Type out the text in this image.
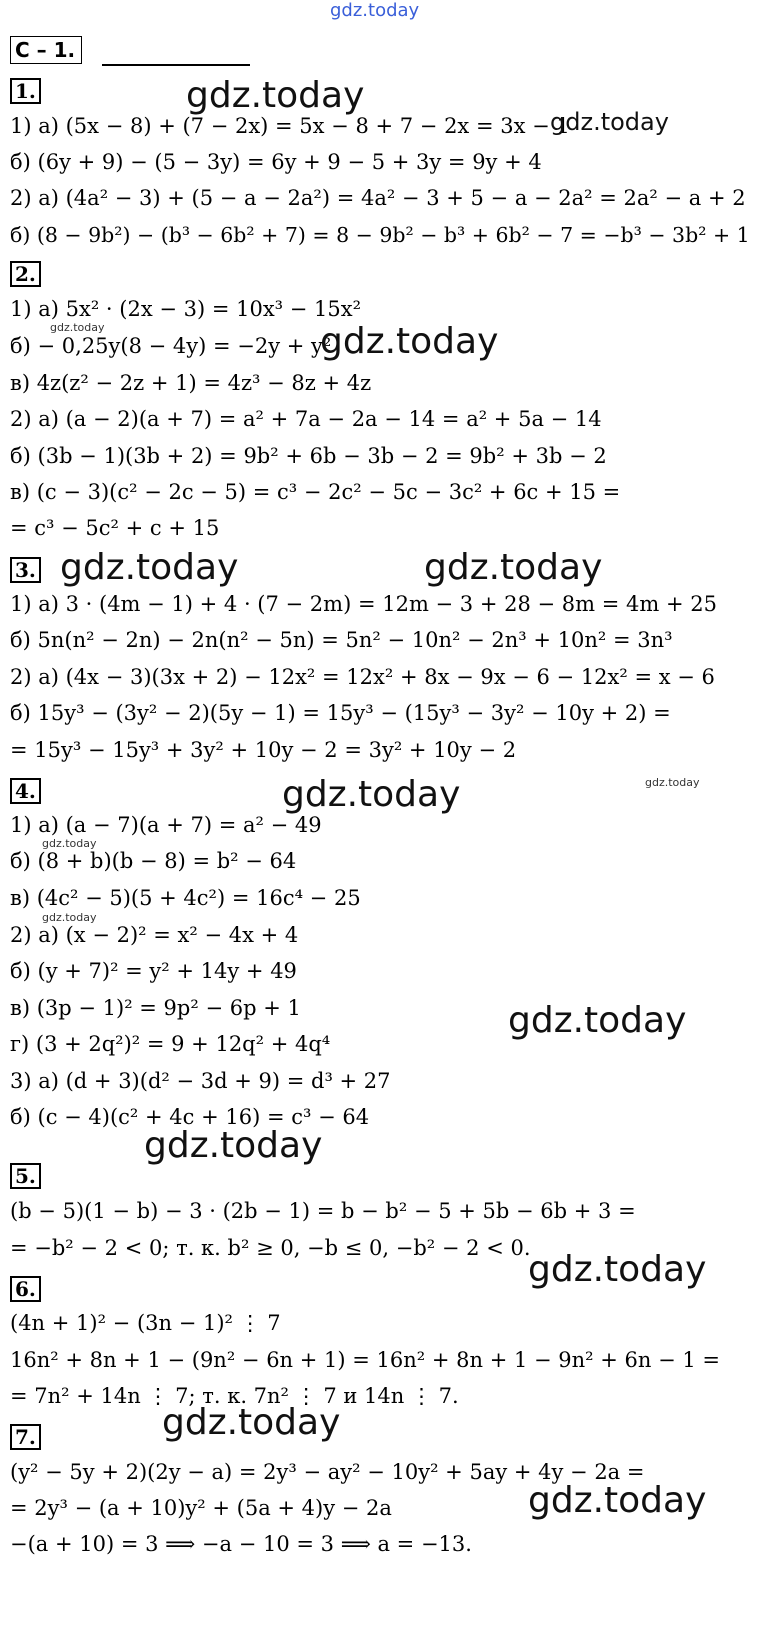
gdz.today
С – 1.
1.
1) а) (5x − 8) + (7 − 2x) = 5x − 8 + 7 − 2x = 3x − 1
б) (6y + 9) − (5 − 3y) = 6y + 9 − 5 + 3y = 9y + 4
2) а) (4a² − 3) + (5 − a − 2a²) = 4a² − 3 + 5 − a − 2a² = 2a² − a + 2
б) (8 − 9b²) − (b³ − 6b² + 7) = 8 − 9b² − b³ + 6b² − 7 = −b³ − 3b² + 1
2.
1) а) 5x² · (2x − 3) = 10x³ − 15x²
б) − 0,25y(8 − 4y) = −2y + y²
в) 4z(z² − 2z + 1) = 4z³ − 8z + 4z
2) а) (a − 2)(a + 7) = a² + 7a − 2a − 14 = a² + 5a − 14
б) (3b − 1)(3b + 2) = 9b² + 6b − 3b − 2 = 9b² + 3b − 2
в) (c − 3)(c² − 2c − 5) = c³ − 2c² − 5c − 3c² + 6c + 15 =
= c³ − 5c² + c + 15
3.
1) а) 3 · (4m − 1) + 4 · (7 − 2m) = 12m − 3 + 28 − 8m = 4m + 25
б) 5n(n² − 2n) − 2n(n² − 5n) = 5n² − 10n² − 2n³ + 10n² = 3n³
2) а) (4x − 3)(3x + 2) − 12x² = 12x² + 8x − 9x − 6 − 12x² = x − 6
б) 15y³ − (3y² − 2)(5y − 1) = 15y³ − (15y³ − 3y² − 10y + 2) =
= 15y³ − 15y³ + 3y² + 10y − 2 = 3y² + 10y − 2
4.
1) а) (a − 7)(a + 7) = a² − 49
б) (8 + b)(b − 8) = b² − 64
в) (4c² − 5)(5 + 4c²) = 16c⁴ − 25
2) а) (x − 2)² = x² − 4x + 4
б) (y + 7)² = y² + 14y + 49
в) (3p − 1)² = 9p² − 6p + 1
г) (3 + 2q²)² = 9 + 12q² + 4q⁴
3) а) (d + 3)(d² − 3d + 9) = d³ + 27
б) (c − 4)(c² + 4c + 16) = c³ − 64
5.
(b − 5)(1 − b) − 3 · (2b − 1) = b − b² − 5 + 5b − 6b + 3 =
= −b² − 2 < 0; т. к. b² ≥ 0, −b ≤ 0, −b² − 2 < 0.
6.
(4n + 1)² − (3n − 1)² ⋮ 7
16n² + 8n + 1 − (9n² − 6n + 1) = 16n² + 8n + 1 − 9n² + 6n − 1 =
= 7n² + 14n ⋮ 7; т. к. 7n² ⋮ 7 и 14n ⋮ 7.
7.
(y² − 5y + 2)(2y − a) = 2y³ − ay² − 10y² + 5ay + 4y − 2a =
= 2y³ − (a + 10)y² + (5a + 4)y − 2a
−(a + 10) = 3 ⟹ −a − 10 = 3 ⟹ a = −13.
gdz.today
gdz.today
gdz.today	gdz.today
gdz.today	gdz.today
gdz.today
gdz.today
gdz.today
gdz.today
gdz.today
gdz.today
gdz.today
gdz.today
gdz.today
